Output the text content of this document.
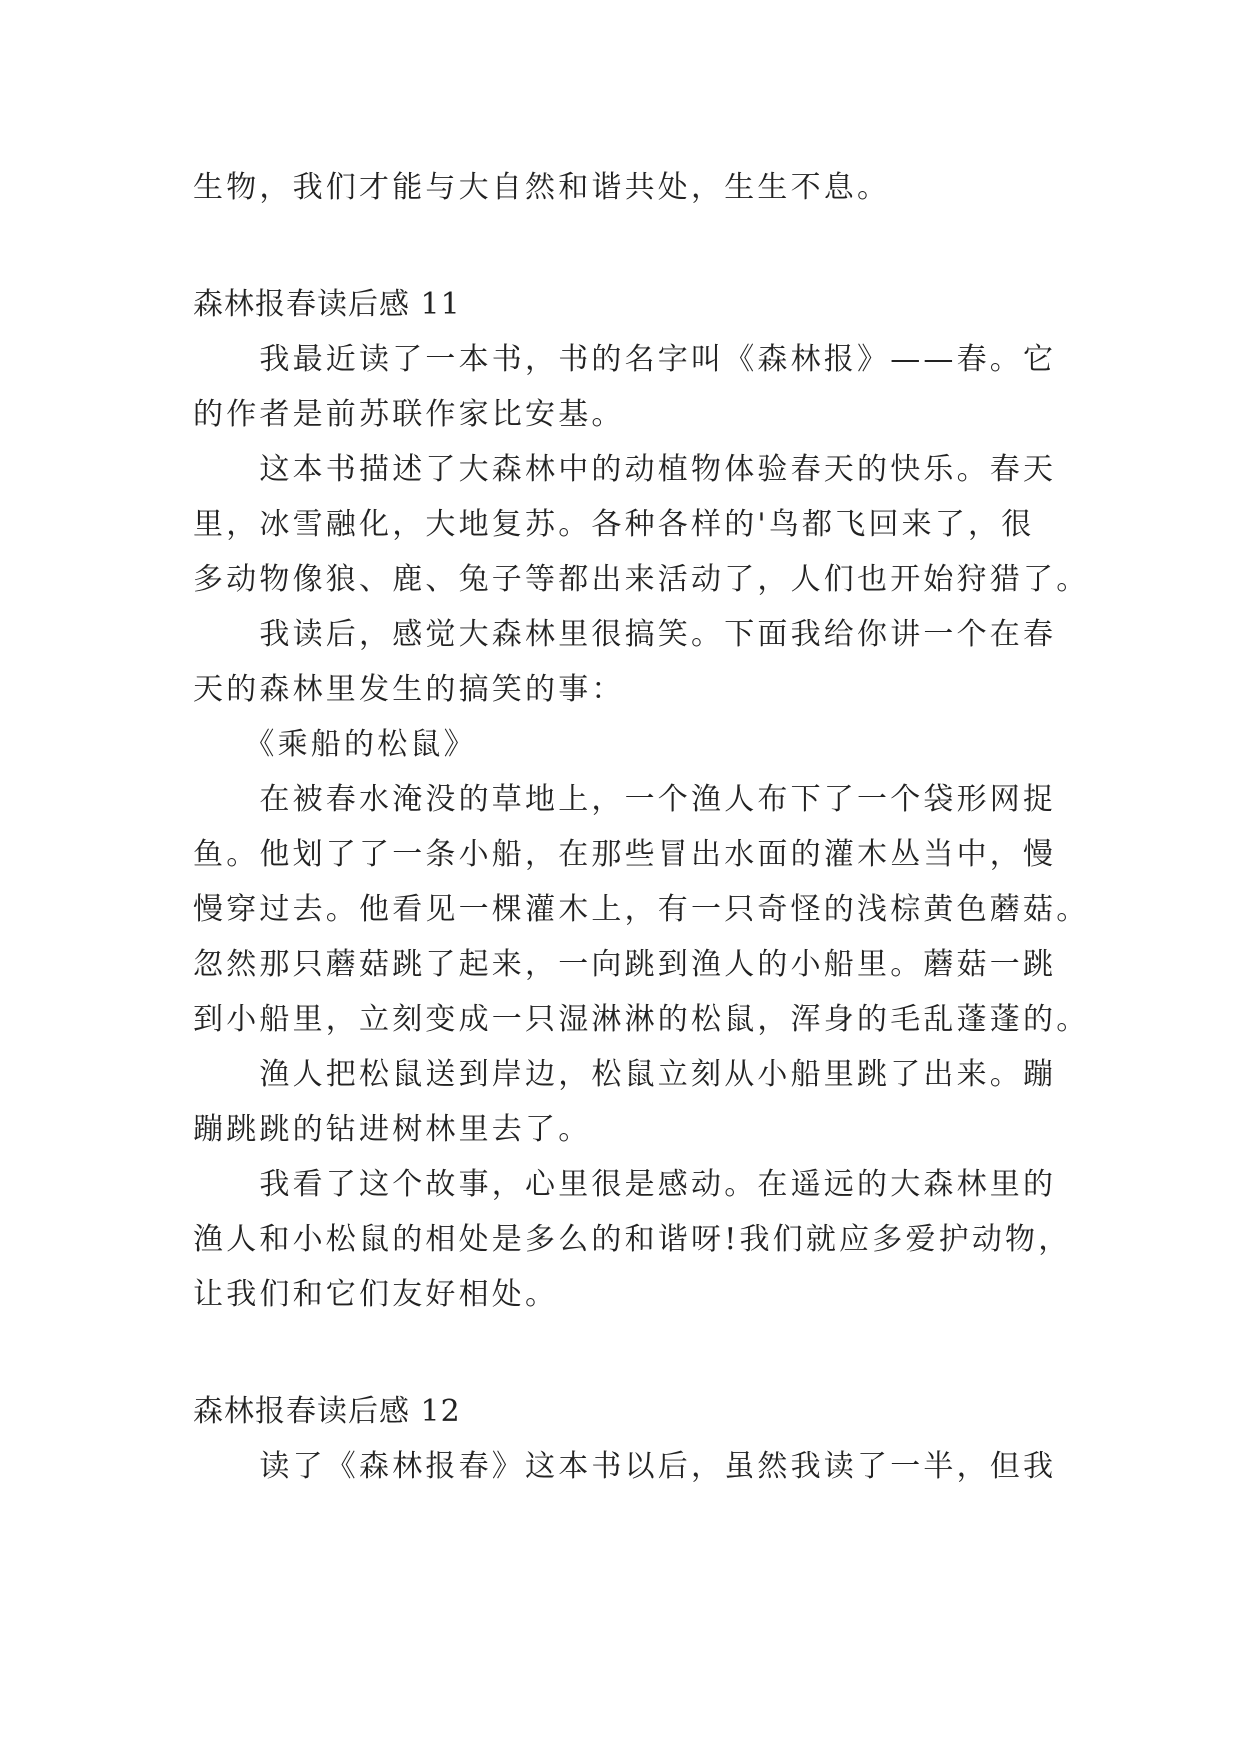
生物，我们才能与大自然和谐共处，生生不息。
森林报春读后感 11
　　我最近读了一本书，书的名字叫《森林报》——春。它
的作者是前苏联作家比安基。
　　这本书描述了大森林中的动植物体验春天的快乐。春天
里，冰雪融化，大地复苏。各种各样的'鸟都飞回来了，很
多动物像狼、鹿、兔子等都出来活动了，人们也开始狩猎了。
　　我读后，感觉大森林里很搞笑。下面我给你讲一个在春
天的森林里发生的搞笑的事：
　　《乘船的松鼠》
　　在被春水淹没的草地上，一个渔人布下了一个袋形网捉
鱼。他划了了一条小船，在那些冒出水面的灌木丛当中，慢
慢穿过去。他看见一棵灌木上，有一只奇怪的浅棕黄色蘑菇。
忽然那只蘑菇跳了起来，一向跳到渔人的小船里。蘑菇一跳
到小船里，立刻变成一只湿淋淋的松鼠，浑身的毛乱蓬蓬的。
　　渔人把松鼠送到岸边，松鼠立刻从小船里跳了出来。蹦
蹦跳跳的钻进树林里去了。
　　我看了这个故事，心里很是感动。在遥远的大森林里的
渔人和小松鼠的相处是多么的和谐呀!我们就应多爱护动物，
让我们和它们友好相处。
森林报春读后感 12
　　读了《森林报春》这本书以后，虽然我读了一半，但我
